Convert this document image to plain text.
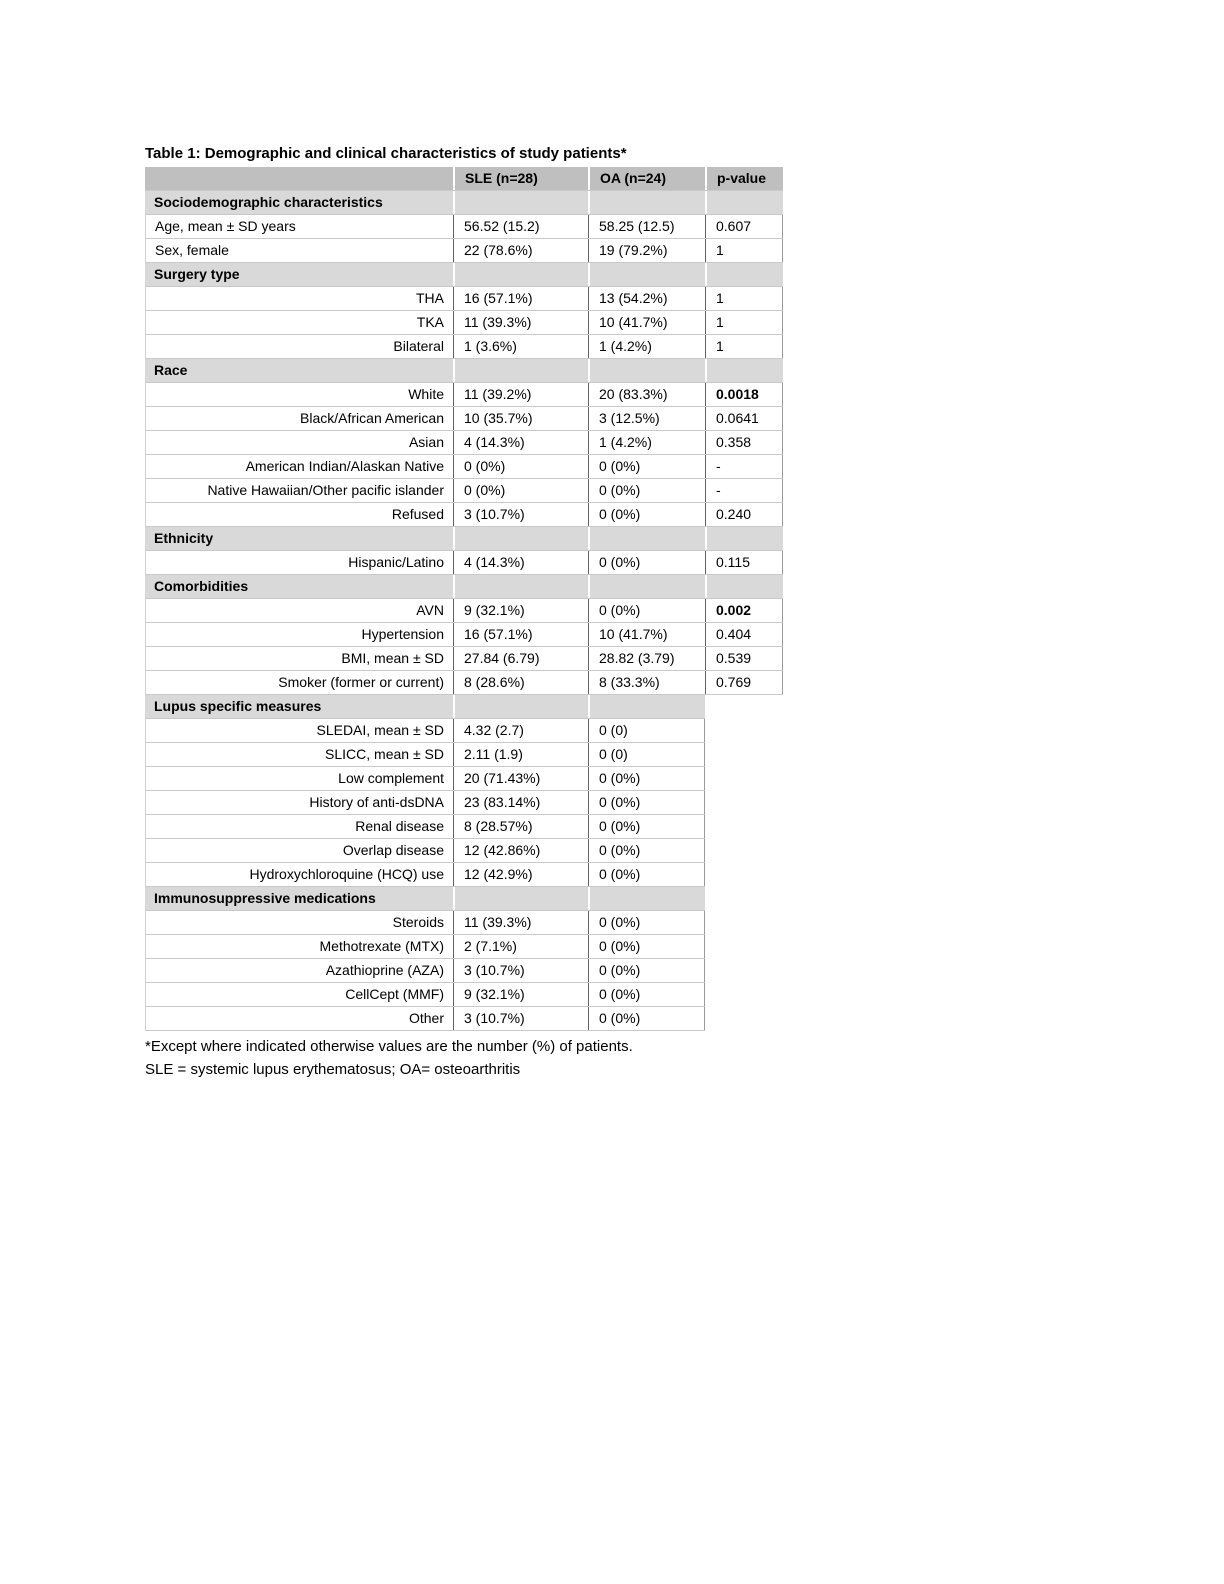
Table 1: Demographic and clinical characteristics of study patients*

SLE (n=28)	OA (n=24)	p-value
Sociodemographic characteristics
Age, mean ± SD years	56.52 (15.2)	58.25 (12.5)	0.607
Sex, female	22 (78.6%)	19 (79.2%)	1
Surgery type
THA	16 (57.1%)	13 (54.2%)	1
TKA	11 (39.3%)	10 (41.7%)	1
Bilateral	1 (3.6%)	1 (4.2%)	1
Race
White	11 (39.2%)	20 (83.3%)	0.0018
Black/African American	10 (35.7%)	3 (12.5%)	0.0641
Asian	4 (14.3%)	1 (4.2%)	0.358
American Indian/Alaskan Native	0 (0%)	0 (0%)	-
Native Hawaiian/Other pacific islander	0 (0%)	0 (0%)	-
Refused	3 (10.7%)	0 (0%)	0.240
Ethnicity
Hispanic/Latino	4 (14.3%)	0 (0%)	0.115
Comorbidities
AVN	9 (32.1%)	0 (0%)	0.002
Hypertension	16 (57.1%)	10 (41.7%)	0.404
BMI, mean ± SD	27.84 (6.79)	28.82 (3.79)	0.539
Smoker (former or current)	8 (28.6%)	8 (33.3%)	0.769
Lupus specific measures
SLEDAI, mean ± SD	4.32 (2.7)	0 (0)
SLICC, mean ± SD	2.11 (1.9)	0 (0)
Low complement	20 (71.43%)	0 (0%)
History of anti-dsDNA	23 (83.14%)	0 (0%)
Renal disease	8 (28.57%)	0 (0%)
Overlap disease	12 (42.86%)	0 (0%)
Hydroxychloroquine (HCQ) use	12 (42.9%)	0 (0%)
Immunosuppressive medications
Steroids	11 (39.3%)	0 (0%)
Methotrexate (MTX)	2 (7.1%)	0 (0%)
Azathioprine (AZA)	3 (10.7%)	0 (0%)
CellCept (MMF)	9 (32.1%)	0 (0%)
Other	3 (10.7%)	0 (0%)
*Except where indicated otherwise values are the number (%) of patients.
SLE = systemic lupus erythematosus; OA= osteoarthritis
